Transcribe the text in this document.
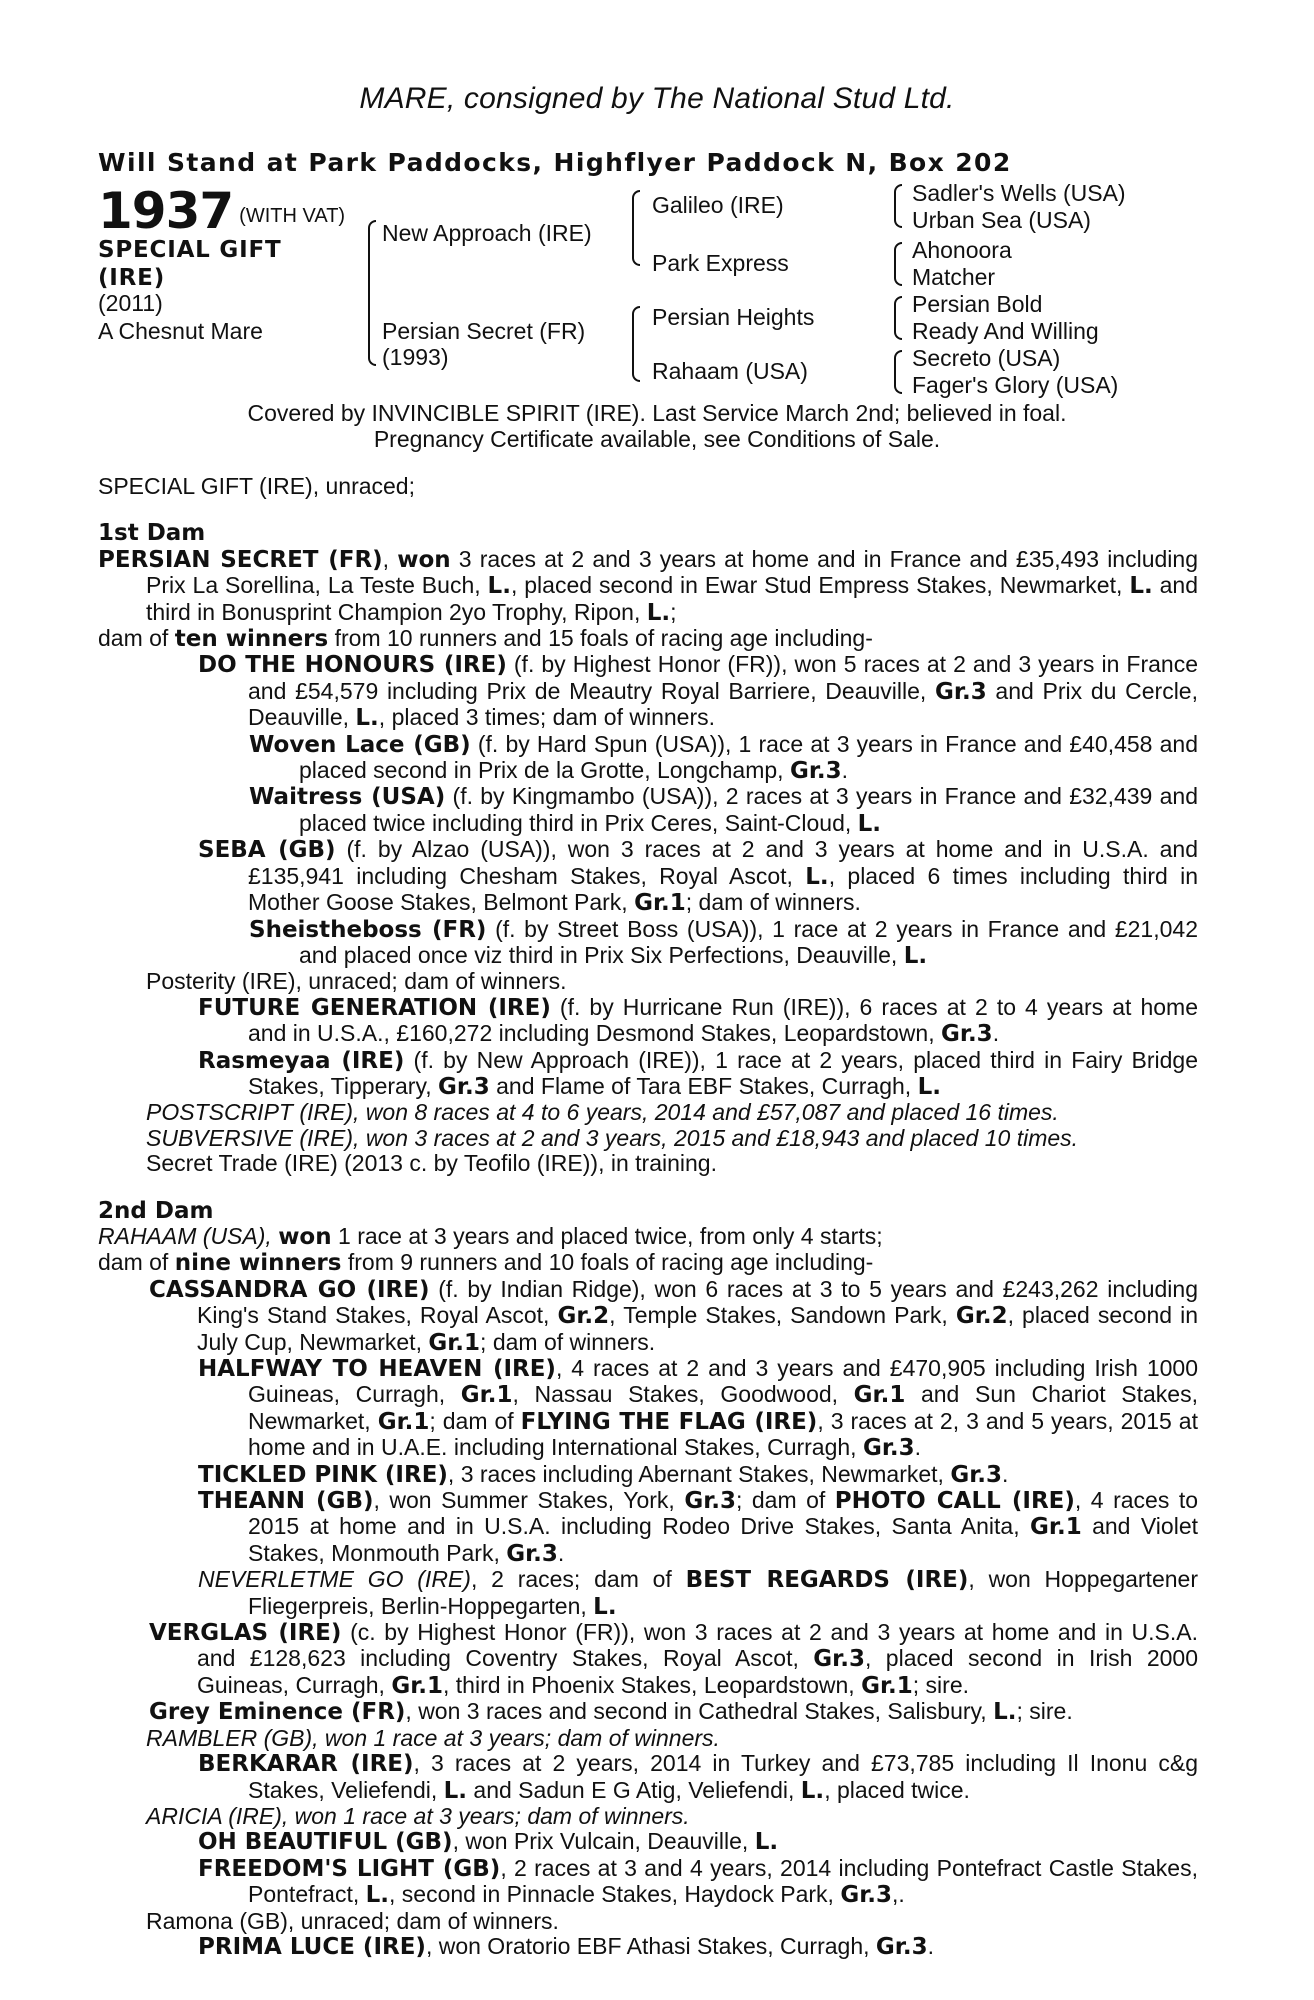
MARE, consigned by The National Stud Ltd.
Will Stand at Park Paddocks, Highflyer Paddock N, Box 202
1937 (WITH VAT)
SPECIAL GIFT
(IRE)
(2011)
A Chesnut Mare
New Approach (IRE)
Persian Secret (FR)
(1993)
Galileo (IRE)
Park Express
Persian Heights
Rahaam (USA)
Sadler's Wells (USA)
Urban Sea (USA)
Ahonoora
Matcher
Persian Bold
Ready And Willing
Secreto (USA)
Fager's Glory (USA)
Covered by INVINCIBLE SPIRIT (IRE). Last Service March 2nd; believed in foal.
Pregnancy Certificate available, see Conditions of Sale.

SPECIAL GIFT (IRE), unraced;

1st Dam

PERSIAN SECRET (FR), won 3 races at 2 and 3 years at home and in France and £35,493 including Prix La Sorellina, La Teste Buch, L., placed second in Ewar Stud Empress Stakes, Newmarket, L. and third in Bonusprint Champion 2yo Trophy, Ripon, L.;

dam of ten winners from 10 runners and 15 foals of racing age including-

DO THE HONOURS (IRE) (f. by Highest Honor (FR)), won 5 races at 2 and 3 years in France and £54,579 including Prix de Meautry Royal Barriere, Deauville, Gr.3 and Prix du Cercle, Deauville, L., placed 3 times; dam of winners.

Woven Lace (GB) (f. by Hard Spun (USA)), 1 race at 3 years in France and £40,458 and placed second in Prix de la Grotte, Longchamp, Gr.3.

Waitress (USA) (f. by Kingmambo (USA)), 2 races at 3 years in France and £32,439 and placed twice including third in Prix Ceres, Saint-Cloud, L.

SEBA (GB) (f. by Alzao (USA)), won 3 races at 2 and 3 years at home and in U.S.A. and £135,941 including Chesham Stakes, Royal Ascot, L., placed 6 times including third in Mother Goose Stakes, Belmont Park, Gr.1; dam of winners.

Sheistheboss (FR) (f. by Street Boss (USA)), 1 race at 2 years in France and £21,042 and placed once viz third in Prix Six Perfections, Deauville, L.

Posterity (IRE), unraced; dam of winners.

FUTURE GENERATION (IRE) (f. by Hurricane Run (IRE)), 6 races at 2 to 4 years at home and in U.S.A., £160,272 including Desmond Stakes, Leopardstown, Gr.3.

Rasmeyaa (IRE) (f. by New Approach (IRE)), 1 race at 2 years, placed third in Fairy Bridge Stakes, Tipperary, Gr.3 and Flame of Tara EBF Stakes, Curragh, L.

POSTSCRIPT (IRE), won 8 races at 4 to 6 years, 2014 and £57,087 and placed 16 times.

SUBVERSIVE (IRE), won 3 races at 2 and 3 years, 2015 and £18,943 and placed 10 times.

Secret Trade (IRE) (2013 c. by Teofilo (IRE)), in training.

2nd Dam

RAHAAM (USA), won 1 race at 3 years and placed twice, from only 4 starts;

dam of nine winners from 9 runners and 10 foals of racing age including-

CASSANDRA GO (IRE) (f. by Indian Ridge), won 6 races at 3 to 5 years and £243,262 including King's Stand Stakes, Royal Ascot, Gr.2, Temple Stakes, Sandown Park, Gr.2, placed second in July Cup, Newmarket, Gr.1; dam of winners.

HALFWAY TO HEAVEN (IRE), 4 races at 2 and 3 years and £470,905 including Irish 1000 Guineas, Curragh, Gr.1, Nassau Stakes, Goodwood, Gr.1 and Sun Chariot Stakes, Newmarket, Gr.1; dam of FLYING THE FLAG (IRE), 3 races at 2, 3 and 5 years, 2015 at home and in U.A.E. including International Stakes, Curragh, Gr.3.

TICKLED PINK (IRE), 3 races including Abernant Stakes, Newmarket, Gr.3.

THEANN (GB), won Summer Stakes, York, Gr.3; dam of PHOTO CALL (IRE), 4 races to 2015 at home and in U.S.A. including Rodeo Drive Stakes, Santa Anita, Gr.1 and Violet Stakes, Monmouth Park, Gr.3.

NEVERLETME GO (IRE), 2 races; dam of BEST REGARDS (IRE), won Hoppegartener Fliegerpreis, Berlin-Hoppegarten, L.

VERGLAS (IRE) (c. by Highest Honor (FR)), won 3 races at 2 and 3 years at home and in U.S.A. and £128,623 including Coventry Stakes, Royal Ascot, Gr.3, placed second in Irish 2000 Guineas, Curragh, Gr.1, third in Phoenix Stakes, Leopardstown, Gr.1; sire.

Grey Eminence (FR), won 3 races and second in Cathedral Stakes, Salisbury, L.; sire.

RAMBLER (GB), won 1 race at 3 years; dam of winners.

BERKARAR (IRE), 3 races at 2 years, 2014 in Turkey and £73,785 including Il Inonu c&g Stakes, Veliefendi, L. and Sadun E G Atig, Veliefendi, L., placed twice.

ARICIA (IRE), won 1 race at 3 years; dam of winners.

OH BEAUTIFUL (GB), won Prix Vulcain, Deauville, L.

FREEDOM'S LIGHT (GB), 2 races at 3 and 4 years, 2014 including Pontefract Castle Stakes, Pontefract, L., second in Pinnacle Stakes, Haydock Park, Gr.3,.

Ramona (GB), unraced; dam of winners.

PRIMA LUCE (IRE), won Oratorio EBF Athasi Stakes, Curragh, Gr.3.
